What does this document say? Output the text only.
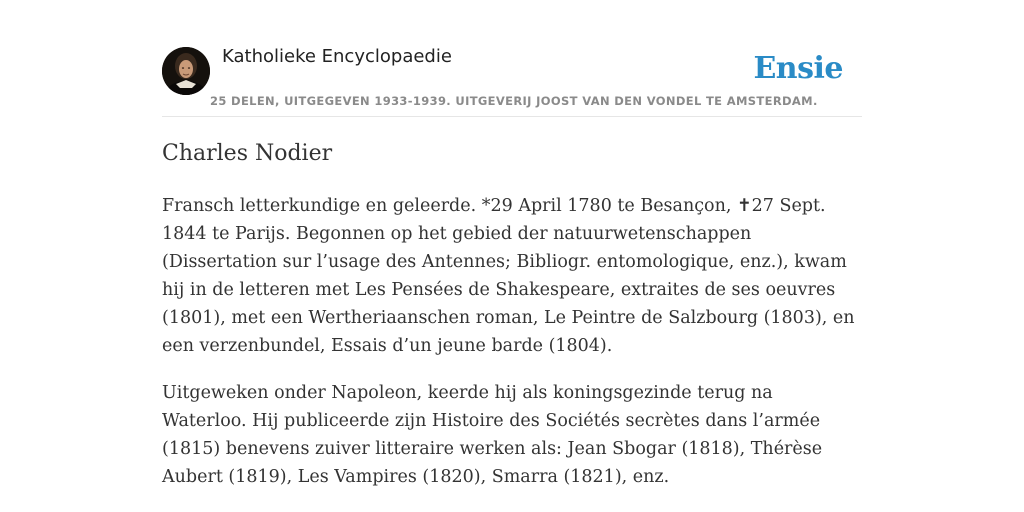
Katholieke Encyclopaedie
25 DELEN, UITGEGEVEN 1933-1939. UITGEVERIJ JOOST VAN DEN VONDEL TE AMSTERDAM.
Ensie
Charles Nodier

Fransch letterkundige en geleerde. *29 April 1780 te Besançon, ✝27 Sept. 1844 te Parijs. Begonnen op het gebied der natuurwetenschappen (Dissertation sur l’usage des Antennes; Bibliogr. entomologique, enz.), kwam hij in de letteren met Les Pensées de Shakespeare, extraites de ses oeuvres (1801), met een Wertheriaanschen roman, Le Peintre de Salzbourg (1803), en een verzenbundel, Essais d’un jeune barde (1804).

Uitgeweken onder Napoleon, keerde hij als koningsgezinde terug na Waterloo. Hij publiceerde zijn Histoire des Sociétés secrètes dans l’armée (1815) benevens zuiver litteraire werken als: Jean Sbogar (1818), Thérèse Aubert (1819), Les Vampires (1820), Smarra (1821), enz.
